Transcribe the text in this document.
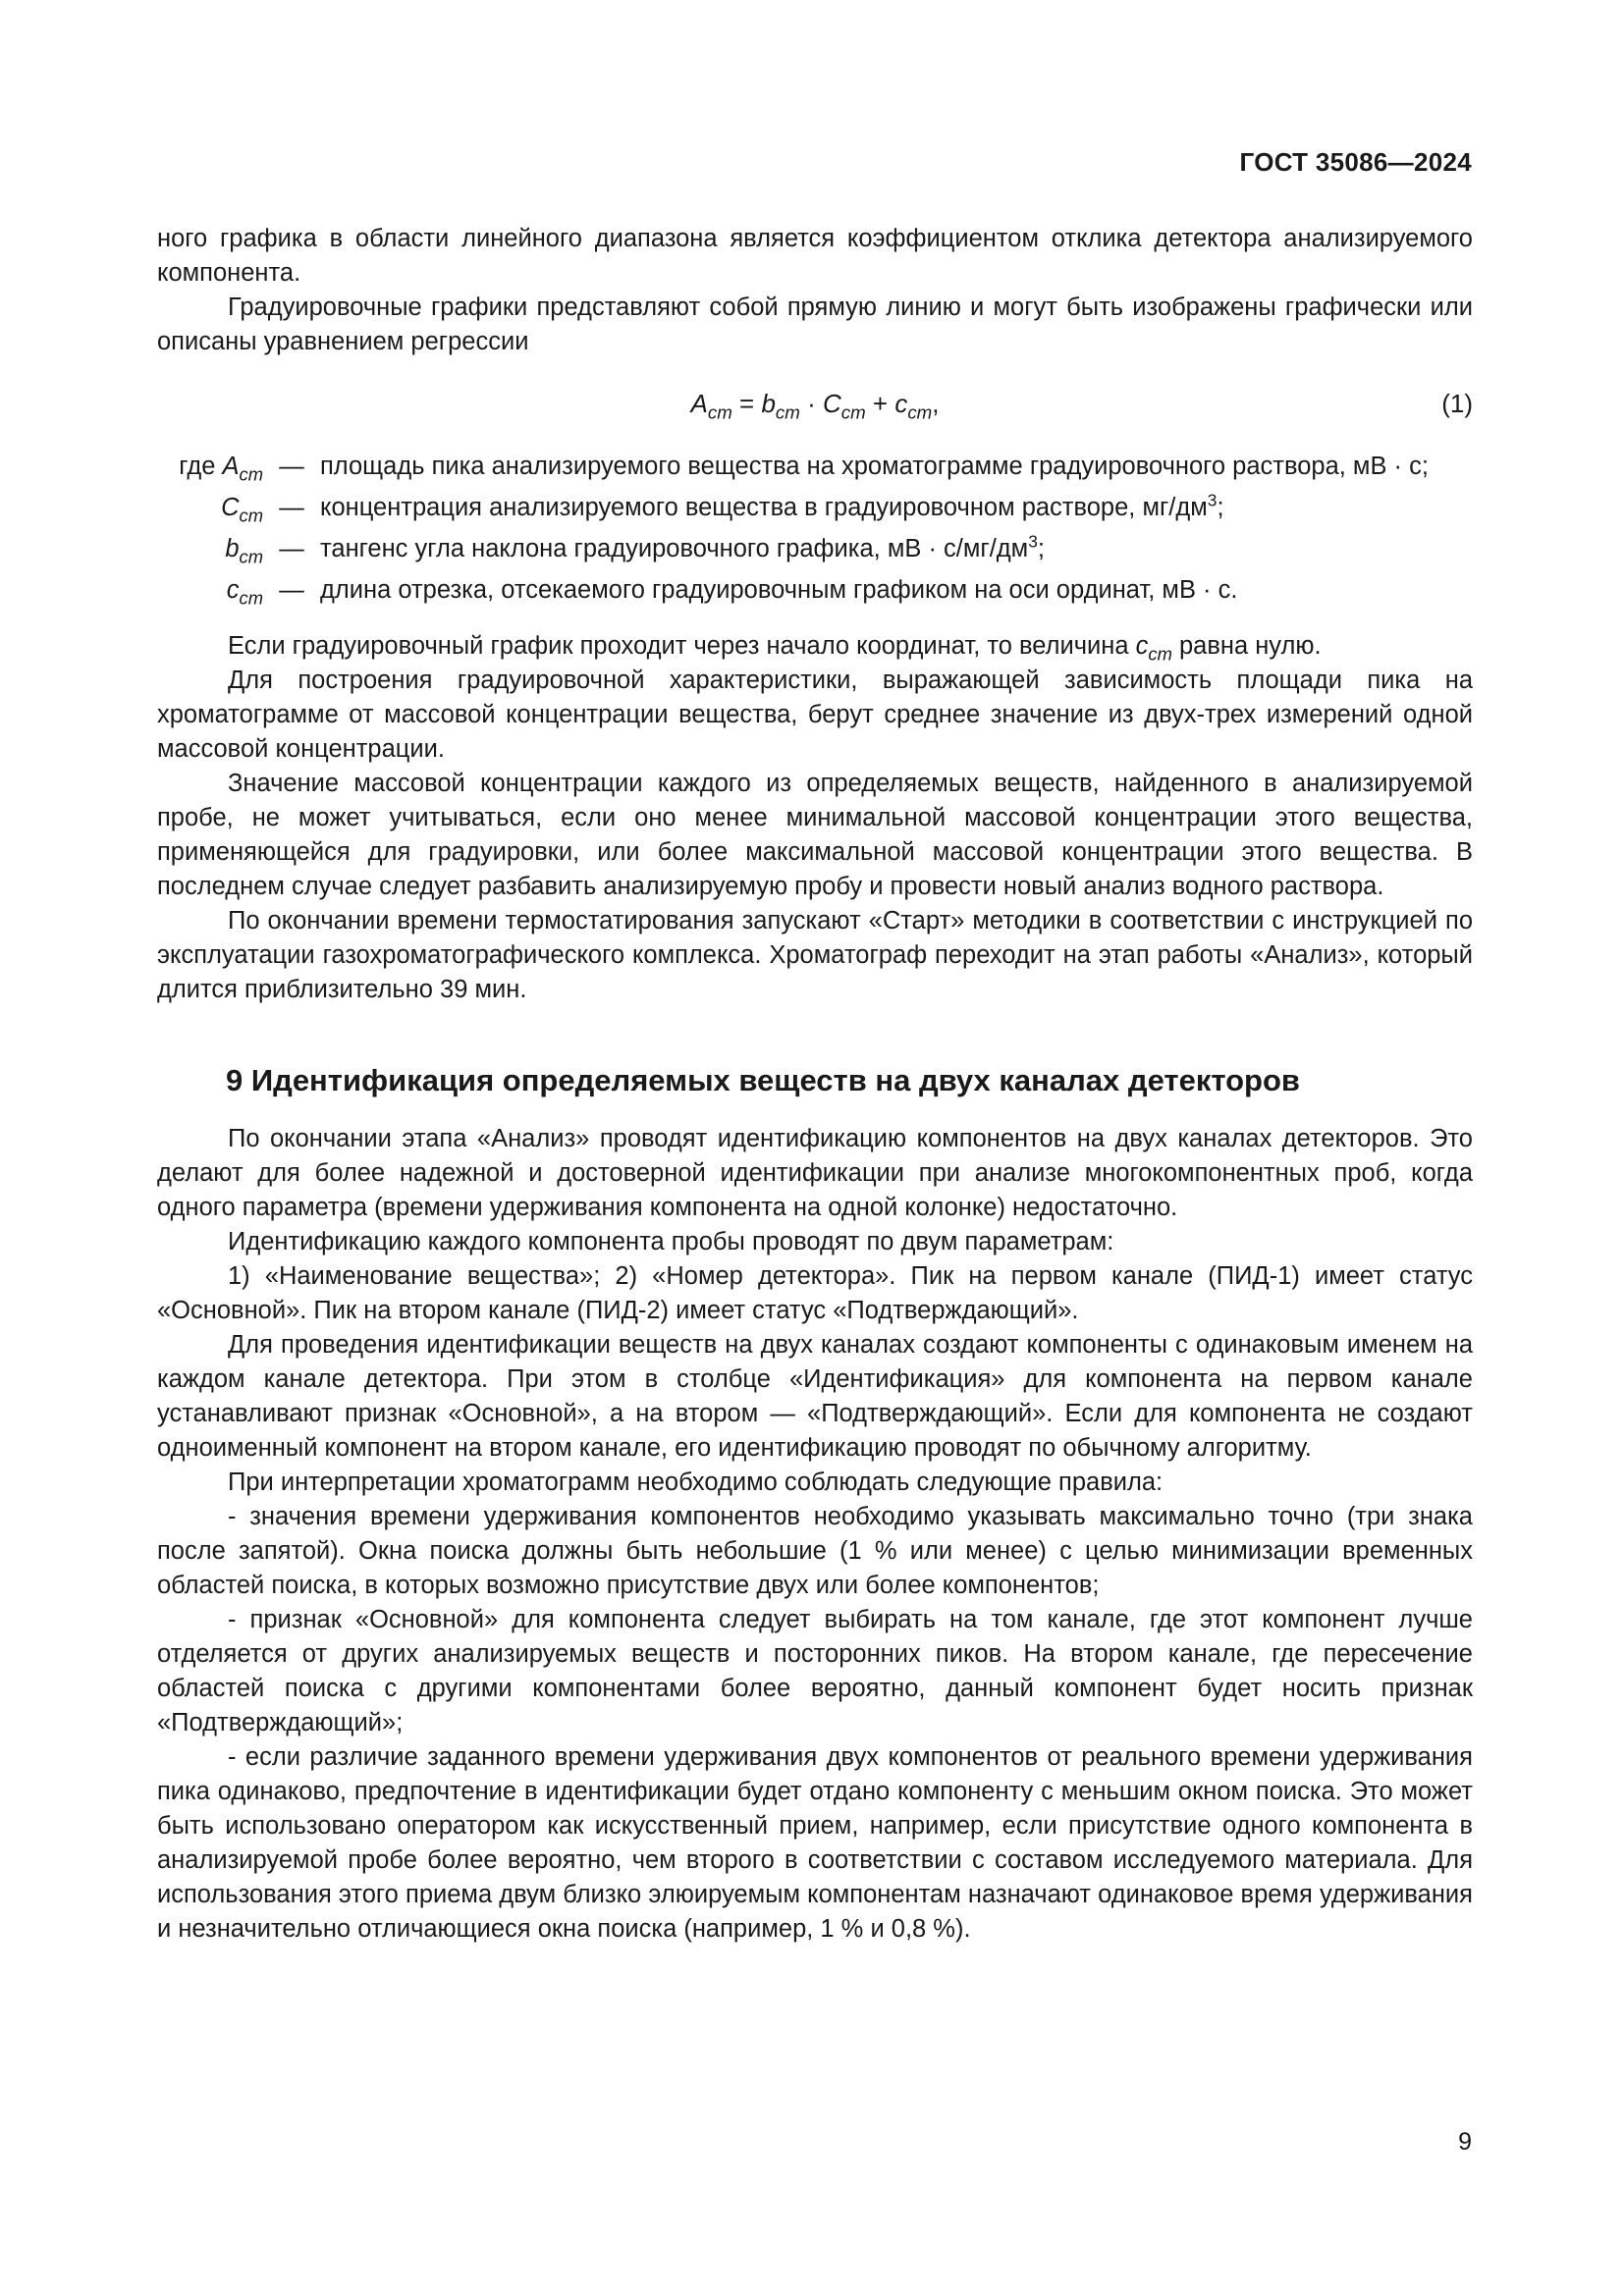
ГОСТ 35086—2024

ного графика в области линейного диапазона является коэффициентом отклика детектора анализируемого компонента.

Градуировочные графики представляют собой прямую линию и могут быть изображены графически или описаны уравнением регрессии

$A_{cm} = b_{cm} \cdot C_{cm} + c_{cm}$,	(1)
где $A_{cm}$ — площадь пика анализируемого вещества на хроматограмме градуировочного раствора, мВ · с;
$C_{cm}$ — концентрация анализируемого вещества в градуировочном растворе, $мг/дм^3$;
$b_{cm}$ — тангенс угла наклона градуировочного графика, мВ · $с/мг/дм^3$;
$c_{cm}$ — длина отрезка, отсекаемого градуировочным графиком на оси ординат, мВ · с.

Если градуировочный график проходит через начало координат, то величина $c_{cm}$ равна нулю.

Для построения градуировочной характеристики, выражающей зависимость площади пика на хроматограмме от массовой концентрации вещества, берут среднее значение из двух-трех измерений одной массовой концентрации.

Значение массовой концентрации каждого из определяемых веществ, найденного в анализируемой пробе, не может учитываться, если оно менее минимальной массовой концентрации этого вещества, применяющейся для градуировки, или более максимальной массовой концентрации этого вещества. В последнем случае следует разбавить анализируемую пробу и провести новый анализ водного раствора.

По окончании времени термостатирования запускают «Старт» методики в соответствии с инструкцией по эксплуатации газохроматографического комплекса. Хроматограф переходит на этап работы «Анализ», который длится приблизительно 39 мин.

9 Идентификация определяемых веществ на двух каналах детекторов

По окончании этапа «Анализ» проводят идентификацию компонентов на двух каналах детекторов. Это делают для более надежной и достоверной идентификации при анализе многокомпонентных проб, когда одного параметра (времени удерживания компонента на одной колонке) недостаточно.

Идентификацию каждого компонента пробы проводят по двум параметрам:

1) «Наименование вещества»; 2) «Номер детектора». Пик на первом канале (ПИД-1) имеет статус «Основной». Пик на втором канале (ПИД-2) имеет статус «Подтверждающий».

Для проведения идентификации веществ на двух каналах создают компоненты с одинаковым именем на каждом канале детектора. При этом в столбце «Идентификация» для компонента на первом канале устанавливают признак «Основной», а на втором — «Подтверждающий». Если для компонента не создают одноименный компонент на втором канале, его идентификацию проводят по обычному алгоритму.

При интерпретации хроматограмм необходимо соблюдать следующие правила:

- значения времени удерживания компонентов необходимо указывать максимально точно (три знака после запятой). Окна поиска должны быть небольшие (1 % или менее) с целью минимизации временных областей поиска, в которых возможно присутствие двух или более компонентов;

- признак «Основной» для компонента следует выбирать на том канале, где этот компонент лучше отделяется от других анализируемых веществ и посторонних пиков. На втором канале, где пересечение областей поиска с другими компонентами более вероятно, данный компонент будет носить признак «Подтверждающий»;

- если различие заданного времени удерживания двух компонентов от реального времени удерживания пика одинаково, предпочтение в идентификации будет отдано компоненту с меньшим окном поиска. Это может быть использовано оператором как искусственный прием, например, если присутствие одного компонента в анализируемой пробе более вероятно, чем второго в соответствии с составом исследуемого материала. Для использования этого приема двум близко элюируемым компонентам назначают одинаковое время удерживания и незначительно отличающиеся окна поиска (например, 1 % и 0,8 %).

9
